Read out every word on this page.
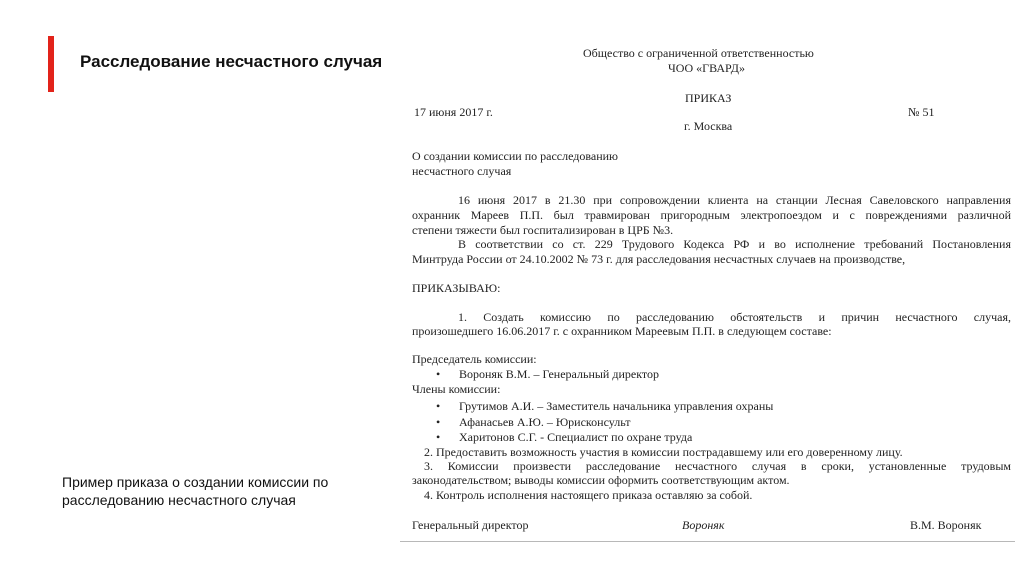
Расследование несчастного случая
Пример приказа о создании комиссии по расследованию несчастного случая
Общество с ограниченной ответственностью
ЧОО «ГВАРД»
ПРИКАЗ
17 июня 2017 г.	№ 51
г. Москва
О создании комиссии по расследованию
несчастного случая
16 июня 2017 в 21.30 при сопровождении клиента на станции Лесная Савеловского направления
охранник Мареев П.П. был травмирован пригородным электропоездом и с повреждениями различной
степени тяжести был госпитализирован в ЦРБ №3.
В соответствии со ст. 229 Трудового Кодекса РФ и во исполнение требований Постановления
Минтруда России от 24.10.2002 № 73 г. для расследования несчастных случаев на производстве,
ПРИКАЗЫВАЮ:
1. Создать комиссию по расследованию обстоятельств и причин несчастного случая,
произошедшего 16.06.2017 г. с охранником Мареевым П.П. в следующем составе:
Председатель комиссии:
• Вороняк В.М. – Генеральный директор
Члены комиссии:
• Грутимов А.И. – Заместитель начальника управления охраны
• Афанасьев А.Ю. – Юрисконсульт
• Харитонов С.Г. - Специалист по охране труда
2. Предоставить возможность участия в комиссии пострадавшему или его доверенному лицу.
3. Комиссии произвести расследование несчастного случая в сроки, установленные трудовым
законодательством; выводы комиссии оформить соответствующим актом.
4. Контроль исполнения настоящего приказа оставляю за собой.
Генеральный директор	Вороняк	В.М. Вороняк
